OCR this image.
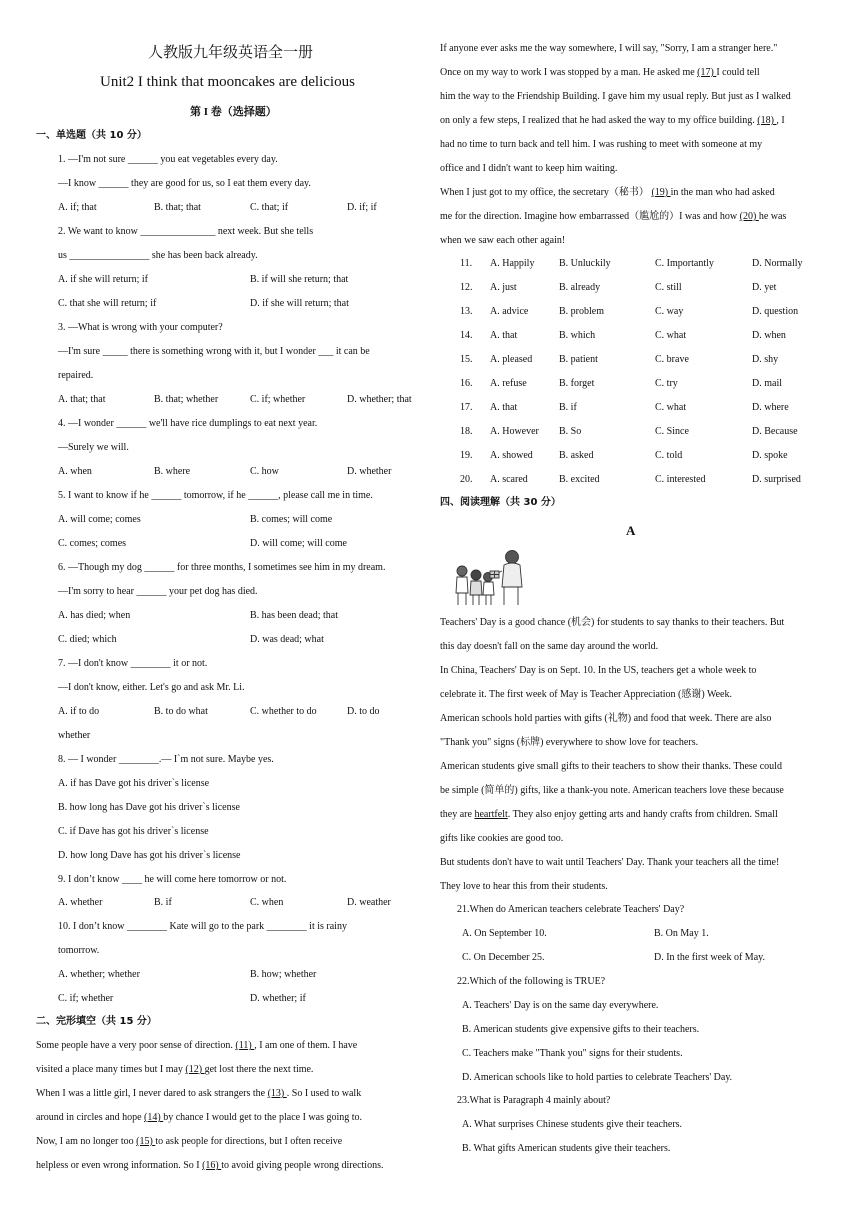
人教版九年级英语全一册
Unit2 I think that mooncakes are delicious
第 I 卷（选择题）
一、单选题（共 10 分）
1. —I'm not sure ______ you eat vegetables every day.
—I know ______ they are good for us, so I eat them every day.
A. if; that	B. that; that	C. that; if	D. if; if
2. We want to know _______________ next week. But she tells
us ________________ she has been back already.
A. if she will return; if	B. if will she return; that
C. that she will return; if	D. if she will return; that
3. —What is wrong with your computer?
—I'm sure _____ there is something wrong with it, but I wonder ___ it can be
repaired.
A. that; that	B. that; whether	C. if; whether	D. whether; that
4. —I wonder ______ we'll have rice dumplings to eat next year.
—Surely we will.
A. when	B. where	C. how	D. whether
5. I want to know if he ______ tomorrow, if he ______, please call me in time.
A. will come; comes	B. comes; will come
C. comes; comes	D. will come; will come
6. —Though my dog ______ for three months, I sometimes see him in my dream.
—I'm sorry to hear ______ your pet dog has died.
A. has died; when	B. has been dead; that
C. died; which	D. was dead; what
7. —I don't know ________ it or not.
—I don't know, either. Let's go and ask Mr. Li.
A. if to do	B. to do what	C. whether to do	D. to do
whether
8. — I wonder ________.— I`m not sure. Maybe yes.
A. if has Dave got his driver`s license
B. how long has Dave got his driver`s license
C. if Dave has got his driver`s license
D. how long Dave has got his driver`s license
9. I don’t know ____ he will come here tomorrow or not.
A. whether	B. if	C. when	D. weather
10. I don’t know ________ Kate will go to the park ________ it is rainy
tomorrow.
A. whether; whether	B. how; whether
C. if; whether	D. whether; if
二、完形填空（共 15 分）
Some people have a very poor sense of direction. (11) , I am one of them. I have
visited a place many times but I may (12) get lost there the next time.
When I was a little girl, I never dared to ask strangers the (13) . So I used to walk
around in circles and hope (14) by chance I would get to the place I was going to.
Now, I am no longer too (15) to ask people for directions, but I often receive
helpless or even wrong information. So I (16) to avoid giving people wrong directions.
If anyone ever asks me the way somewhere, I will say, "Sorry, I am a stranger here."
Once on my way to work I was stopped by a man. He asked me (17) I could tell
him the way to the Friendship Building. I gave him my usual reply. But just as I walked
on only a few steps, I realized that he had asked the way to my office building. (18) , I
had no time to turn back and tell him. I was rushing to meet with someone at my
office and I didn't want to keep him waiting.
When I just got to my office, the secretary（秘书） (19) in the man who had asked
me for the direction. Imagine how embarrassed（尴尬的）I was and how (20) he was
when we saw each other again!
11. A. Happily B. Unluckily	C. Importantly	D. Normally
12. A. just	B. already	C. still	D. yet
13. A. advice	B. problem	C. way	D. question
14. A. that	B. which	C. what	D. when
15. A. pleased	B. patient	C. brave	D. shy
16. A. refuse	B. forget	C. try	D. mail
17. A. that	B. if	C. what	D. where
18. A. However B. So	C. Since	D. Because
19. A. showed	B. asked	C. told	D. spoke
20. A. scared	B. excited	C. interested	D. surprised
四、阅读理解（共 30 分）
A
Teachers' Day is a good chance (机会) for students to say thanks to their teachers. But
this day doesn't fall on the same day around the world.
In China, Teachers' Day is on Sept. 10. In the US, teachers get a whole week to
celebrate it. The first week of May is Teacher Appreciation (感谢) Week.
American schools hold parties with gifts (礼物) and food that week. There are also
"Thank you" signs (标牌) everywhere to show love for teachers.
American students give small gifts to their teachers to show their thanks. These could
be simple (简单的) gifts, like a thank-you note. American teachers love these because
they are heartfelt. They also enjoy getting arts and handy crafts from children. Small
gifts like cookies are good too.
But students don't have to wait until Teachers' Day. Thank your teachers all the time!
They love to hear this from their students.
21.When do American teachers celebrate Teachers' Day?
A. On September 10.	B. On May 1.
C. On December 25.	D. In the first week of May.
22.Which of the following is TRUE?
A. Teachers' Day is on the same day everywhere.
B. American students give expensive gifts to their teachers.
C. Teachers make "Thank you" signs for their students.
D. American schools like to hold parties to celebrate Teachers' Day.
23.What is Paragraph 4 mainly about?
A. What surprises Chinese students give their teachers.
B. What gifts American students give their teachers.
